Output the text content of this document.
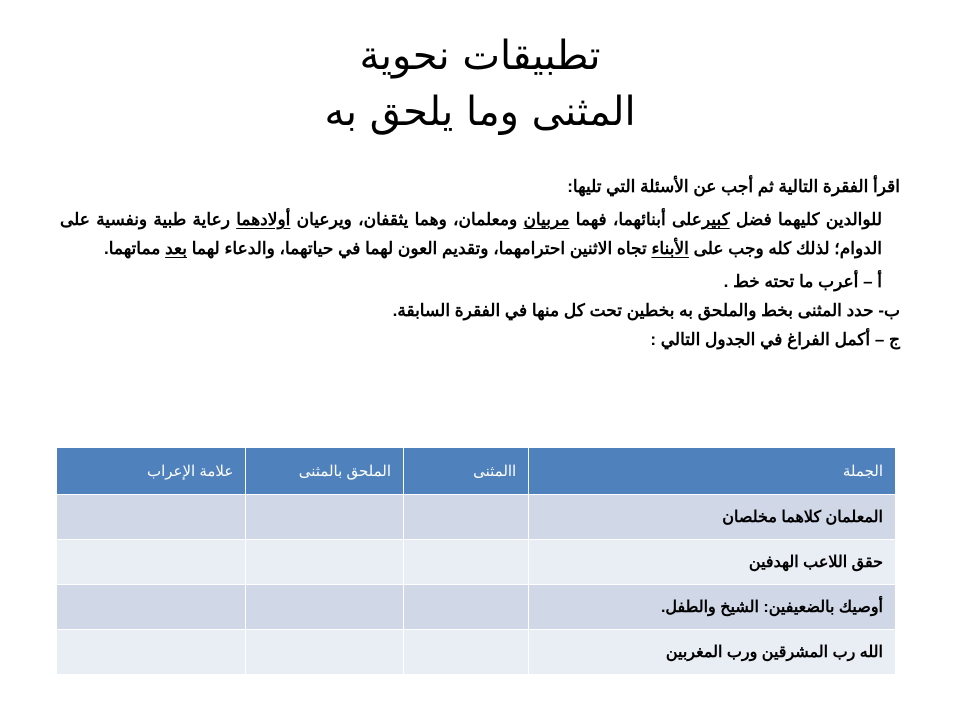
تطبيقات نحوية
المثنى وما يلحق به

اقرأ الفقرة التالية ثم أجب عن الأسئلة التي تليها:

للوالدين كليهما فضل كبيرعلى أبنائهما، فهما مربيان ومعلمان، وهما يثقفان، ويرعيان أولادهما رعاية طبية ونفسية على الدوام؛ لذلك كله وجب على الأبناء تجاه الاثنين احترامهما، وتقديم العون لهما في حياتهما، والدعاء لهما بعد مماتهما.

أ – أعرب ما تحته خط .

ب- حدد المثنى بخط والملحق به بخطين تحت كل منها في الفقرة السابقة.

ج – أكمل الفراغ في الجدول التالي :

الجملة	االمثنى	الملحق بالمثنى	علامة الإعراب
المعلمان كلاهما مخلصان			
حقق اللاعب الهدفين			
أوصيك بالضعيفين: الشيخ والطفل.			
الله رب المشرقين ورب المغربين			
